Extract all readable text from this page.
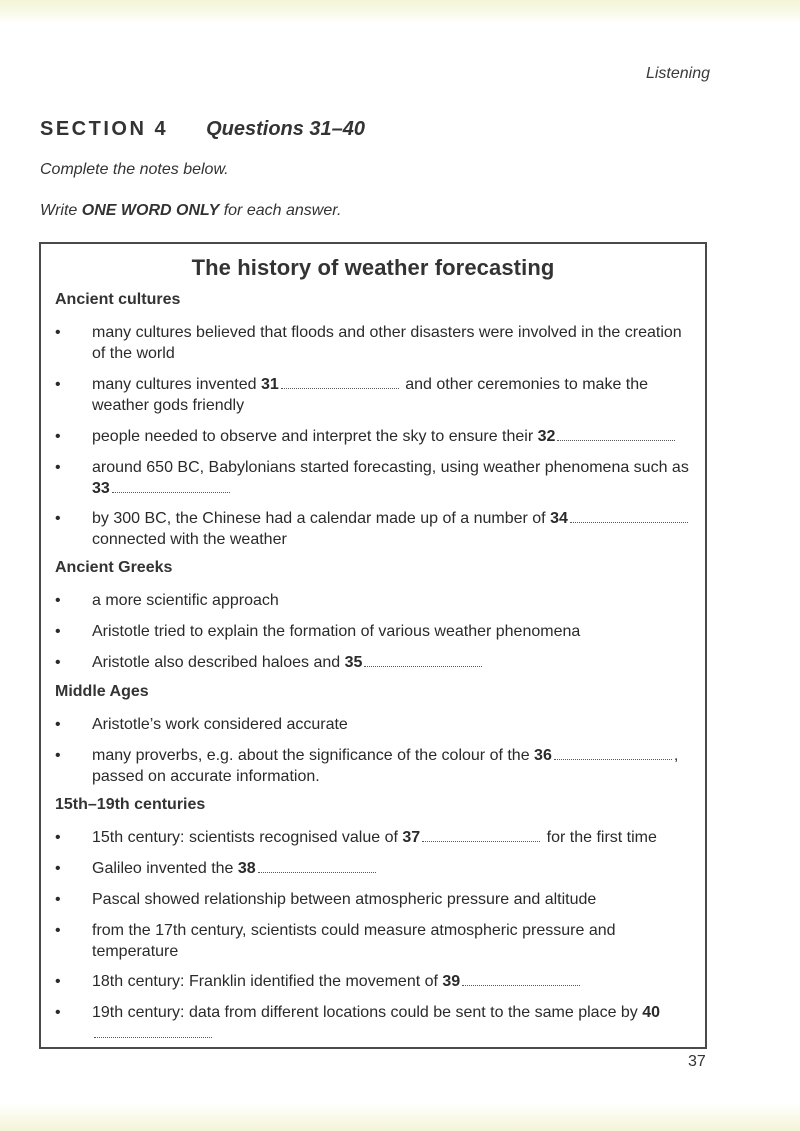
Listening
SECTION 4 Questions 31–40
Complete the notes below.
Write ONE WORD ONLY for each answer.
The history of weather forecasting
Ancient cultures
• many cultures believed that floods and other disasters were involved in the creation of the world
• many cultures invented 31	and other ceremonies to make the weather gods friendly
• people needed to observe and interpret the sky to ensure their 32
• around 650 BC, Babylonians started forecasting, using weather phenomena such as 33
• by 300 BC, the Chinese had a calendar made up of a number of 34 connected with the weather
Ancient Greeks
• a more scientific approach
• Aristotle tried to explain the formation of various weather phenomena
• Aristotle also described haloes and 35
Middle Ages
• Aristotle’s work considered accurate
• many proverbs, e.g. about the significance of the colour of the 36	, passed on accurate information.
15th–19th centuries
• 15th century: scientists recognised value of 37	for the first time
• Galileo invented the 38
• Pascal showed relationship between atmospheric pressure and altitude
• from the 17th century, scientists could measure atmospheric pressure and temperature
• 18th century: Franklin identified the movement of 39
• 19th century: data from different locations could be sent to the same place by 40
37
